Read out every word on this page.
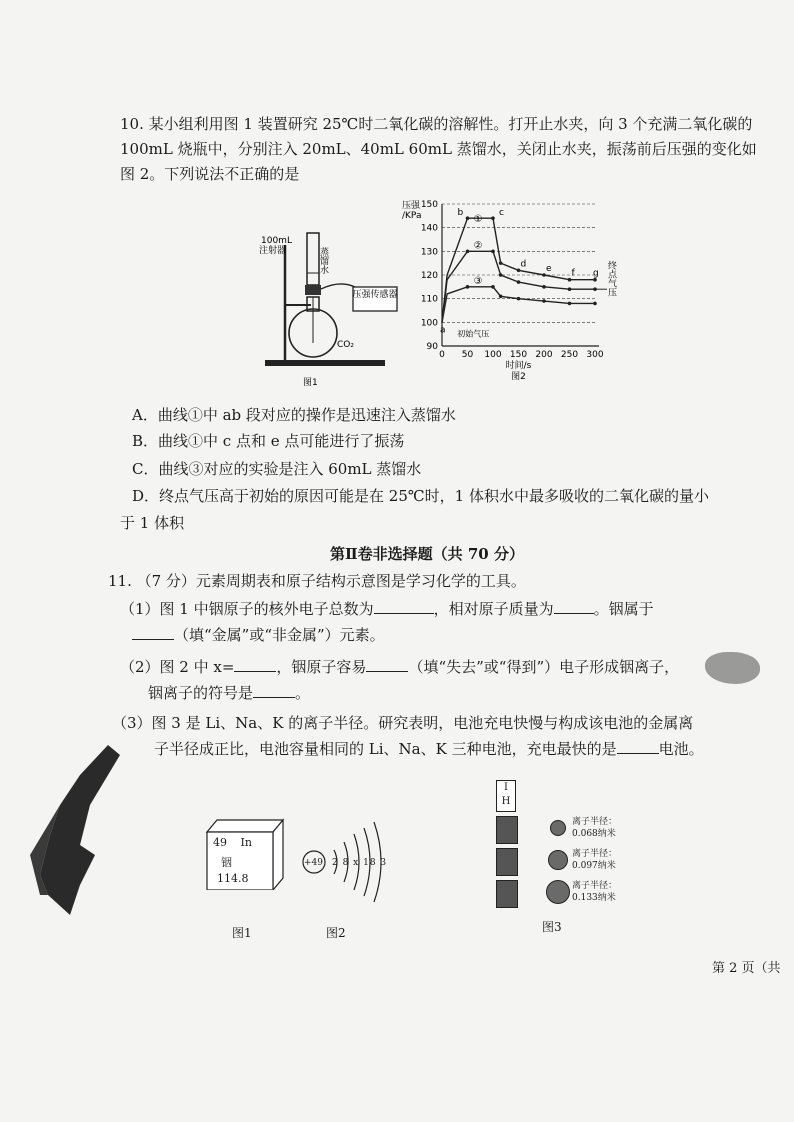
10. 某小组利用图 1 装置研究 25℃时二氧化碳的溶解性。打开止水夹，向 3 个充满二氧化碳的 100mL 烧瓶中，分别注入 20mL、40mL 60mL 蒸馏水，关闭止水夹，振荡前后压强的变化如图 2。下列说法不正确的是
压强传感器
100mL
注射器	蒸馏水
CO₂
图1
90
100
110
120
130
140
150
0 50 100 150 200 250 300
压强
/KPa
时间/s
图2
①
②
③
a
b	c
d e f g
初始气压
终点气压
A．曲线①中 ab 段对应的操作是迅速注入蒸馏水
B．曲线①中 c 点和 e 点可能进行了振荡
C．曲线③对应的实验是注入 60mL 蒸馏水
D．终点气压高于初始的原因可能是在 25℃时，1 体积水中最多吸收的二氧化碳的量小
于 1 体积
第Ⅱ卷非选择题（共 70 分）
11. （7 分）元素周期表和原子结构示意图是学习化学的工具。
（1）图 1 中铟原子的核外电子总数为	，相对原子质量为	。铟属于
（填“金属”或“非金属”）元素。
（2）图 2 中 x=	，铟原子容易	（填“失去”或“得到”）电子形成铟离子，
铟离子的符号是	。
（3）图 3 是 Li、Na、K 的离子半径。研究表明，电池充电快慢与构成该电池的金属离
子半径成正比，电池容量相同的 Li、Na、K 三种电池，充电最快的是	电池。
49 In
铟
114.8
图1
+49 2 8 x 18 3
图2
I
H
离子半径：
0.068纳米
离子半径：
0.097纳米
离子半径：
0.133纳米
图3
第 2 页（共
